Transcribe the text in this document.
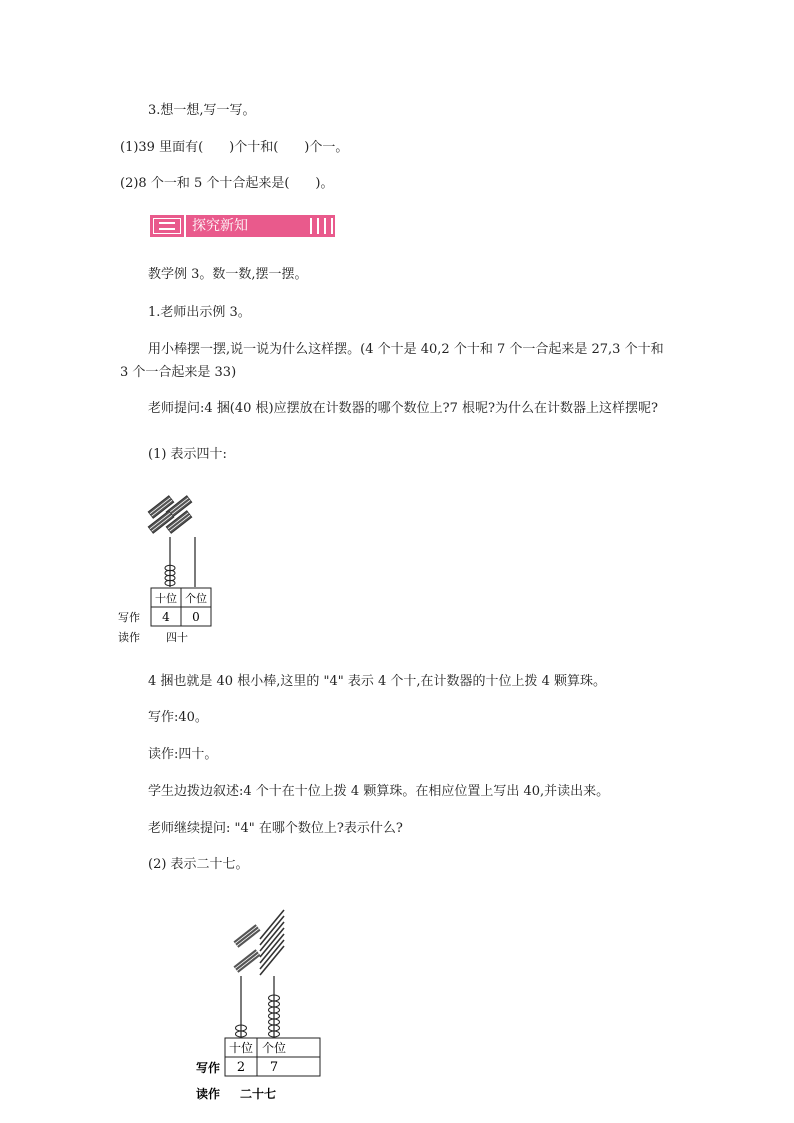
3.想一想,写一写。
(1)39 里面有(　　)个十和(　　)个一。
(2)8 个一和 5 个十合起来是(　　)。
探究新知
教学例 3。数一数,摆一摆。
1.老师出示例 3。
用小棒摆一摆,说一说为什么这样摆。(4 个十是 40,2 个十和 7 个一合起来是 27,3 个十和
3 个一合起来是 33)
老师提问:4 捆(40 根)应摆放在计数器的哪个数位上?7 根呢?为什么在计数器上这样摆呢?
(1) 表示四十:
十位 个位
4 0
写作
读作 四十
4 捆也就是 40 根小棒,这里的 "4" 表示 4 个十,在计数器的十位上拨 4 颗算珠。
写作:40。
读作:四十。
学生边拨边叙述:4 个十在十位上拨 4 颗算珠。在相应位置上写出 40,并读出来。
老师继续提问: "4" 在哪个数位上?表示什么?
(2) 表示二十七。
十位 个位
2 7
写作
读作 二十七
